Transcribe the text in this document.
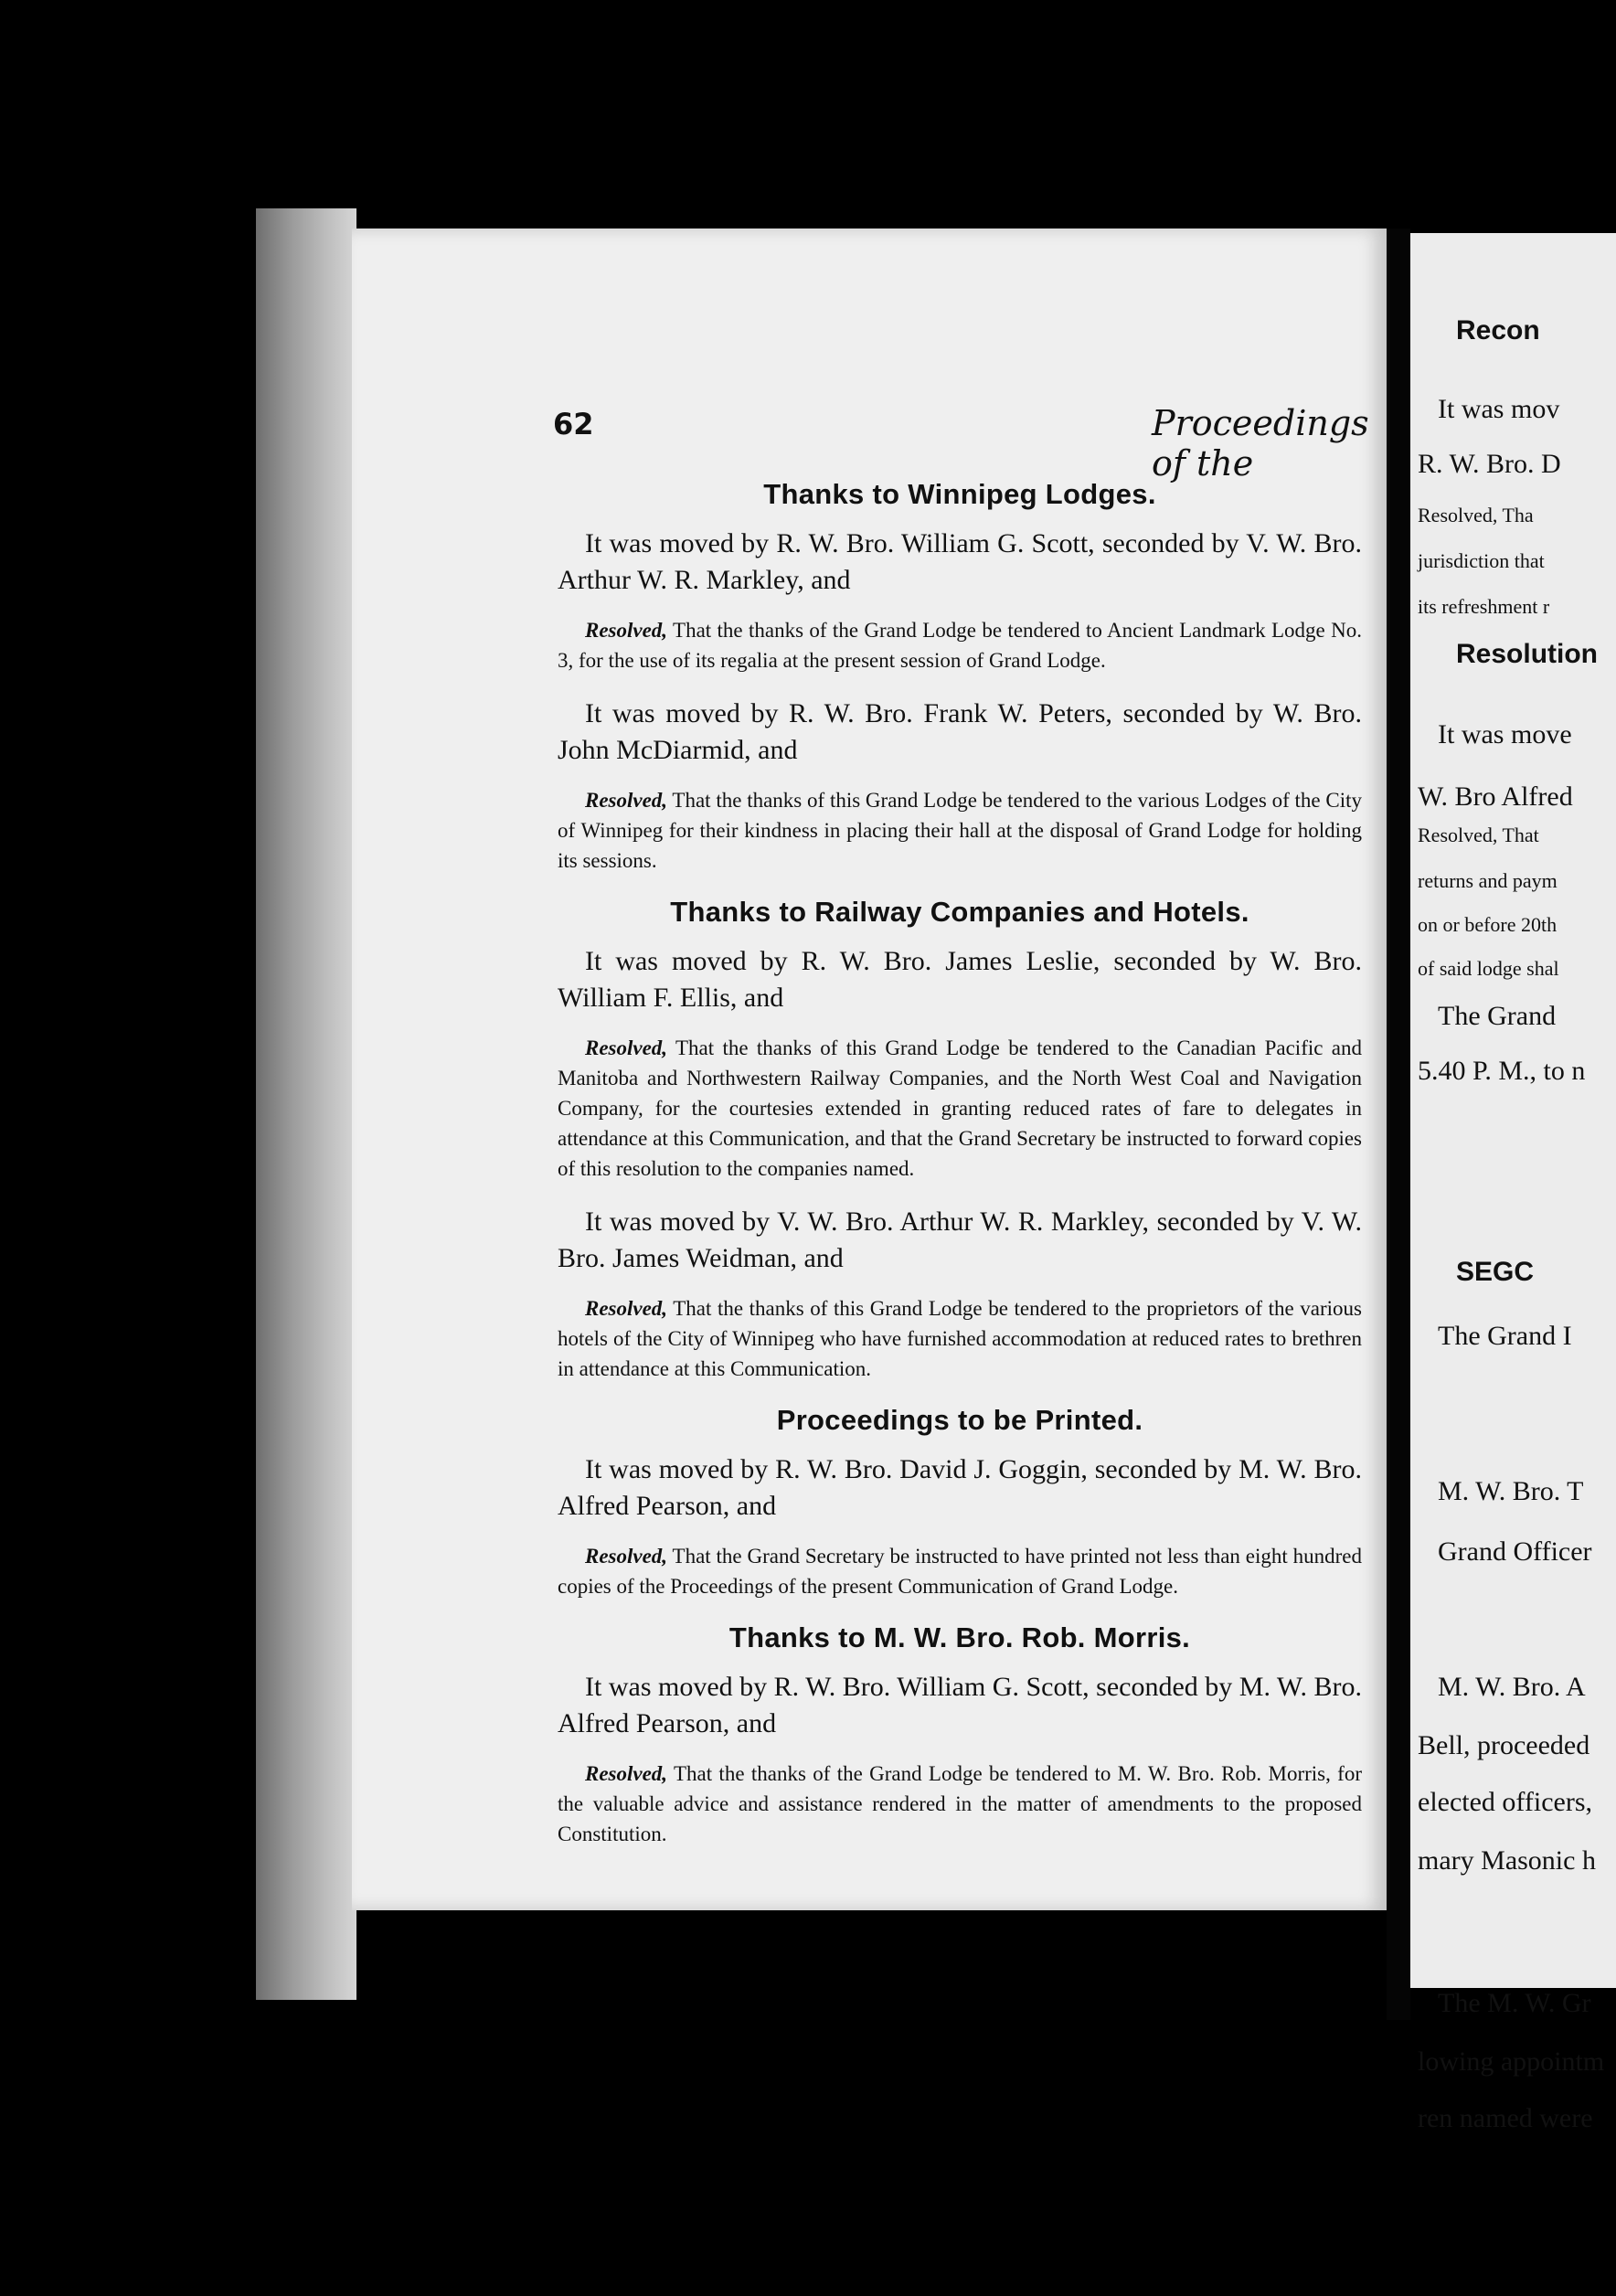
62	Proceedings of the
Thanks to Winnipeg Lodges.

It was moved by R. W. Bro. William G. Scott, seconded by V. W. Bro. Arthur W. R. Markley, and

Resolved, That the thanks of the Grand Lodge be tendered to Ancient Landmark Lodge No. 3, for the use of its regalia at the present session of Grand Lodge.

It was moved by R. W. Bro. Frank W. Peters, seconded by W. Bro. John McDiarmid, and

Resolved, That the thanks of this Grand Lodge be tendered to the various Lodges of the City of Winnipeg for their kindness in placing their hall at the disposal of Grand Lodge for holding its sessions.

Thanks to Railway Companies and Hotels.

It was moved by R. W. Bro. James Leslie, seconded by W. Bro. William F. Ellis, and

Resolved, That the thanks of this Grand Lodge be tendered to the Canadian Pacific and Manitoba and Northwestern Railway Companies, and the North West Coal and Navigation Company, for the courtesies extended in granting reduced rates of fare to delegates in attendance at this Communication, and that the Grand Secretary be instructed to forward copies of this resolution to the companies named.

It was moved by V. W. Bro. Arthur W. R. Markley, seconded by V. W. Bro. James Weidman, and

Resolved, That the thanks of this Grand Lodge be tendered to the proprietors of the various hotels of the City of Winnipeg who have furnished accommodation at reduced rates to brethren in attendance at this Communication.

Proceedings to be Printed.

It was moved by R. W. Bro. David J. Goggin, seconded by M. W. Bro. Alfred Pearson, and

Resolved, That the Grand Secretary be instructed to have printed not less than eight hundred copies of the Proceedings of the present Communication of Grand Lodge.

Thanks to M. W. Bro. Rob. Morris.

It was moved by R. W. Bro. William G. Scott, seconded by M. W. Bro. Alfred Pearson, and

Resolved, That the thanks of the Grand Lodge be tendered to M. W. Bro. Rob. Morris, for the valuable advice and assistance rendered in the matter of amendments to the proposed Constitution.

Recon
It was mov
R. W. Bro. D
Resolved, Tha
jurisdiction that
its refreshment r
Resolution
It was move
W. Bro Alfred
Resolved, That
returns and paym
on or before 20th
of said lodge shal
The Grand
5.40 P. M., to n
SEGC
The Grand I
M. W. Bro. T
Grand Officer
M. W. Bro. A
Bell, proceeded
elected officers,
mary Masonic h
The M. W. Gr
lowing appointm
ren named were
